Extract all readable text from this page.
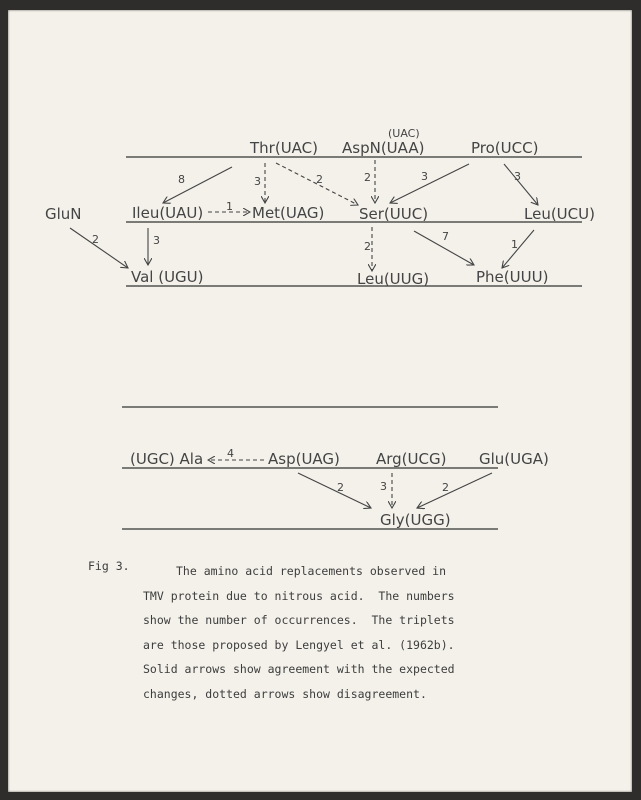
(UAC)
Thr(UAC) AspN(UAA)	Pro(UCC)
GluN	Ileu(UAU)	Met(UAG) Ser(UUC)	Leu(UCU)
Val (UGU)	Leu(UUG)	Phe(UUU)
8	3	2	2	3	3
2
1
3	2
7
1
(UGC) Ala	Asp(UAG) Arg(UCG) Glu(UGA)
Gly(UGG)
4
2	3	2
Fig 3.	The amino acid replacements observed in
TMV protein due to nitrous acid.  The numbers
show the number of occurrences.  The triplets
are those proposed by Lengyel et al. (1962b).
Solid arrows show agreement with the expected
changes, dotted arrows show disagreement.
